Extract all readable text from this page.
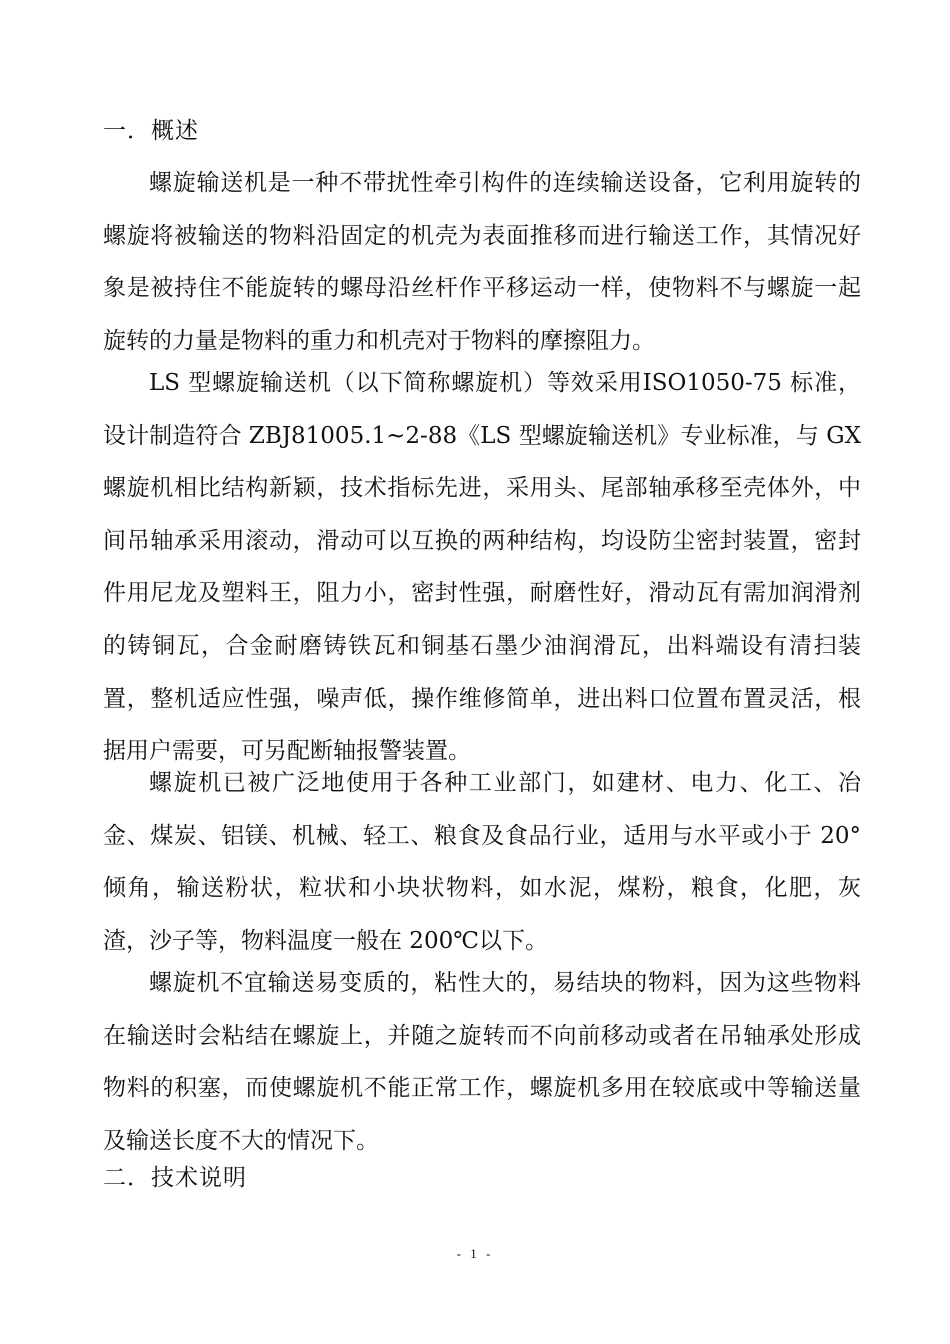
一．概述

螺旋输送机是一种不带扰性牵引构件的连续输送设备，它利用旋转的螺旋将被输送的物料沿固定的机壳为表面推移而进行输送工作，其情况好象是被持住不能旋转的螺母沿丝杆作平移运动一样，使物料不与螺旋一起旋转的力量是物料的重力和机壳对于物料的摩擦阻力。

LS 型螺旋输送机（以下简称螺旋机）等效采用ISO1050-75 标准，设计制造符合 ZBJ81005.1~2-88《LS 型螺旋输送机》专业标准，与 GX 螺旋机相比结构新颖，技术指标先进，采用头、尾部轴承移至壳体外，中间吊轴承采用滚动，滑动可以互换的两种结构，均设防尘密封装置，密封件用尼龙及塑料王，阻力小，密封性强，耐磨性好，滑动瓦有需加润滑剂的铸铜瓦，合金耐磨铸铁瓦和铜基石墨少油润滑瓦，出料端设有清扫装置，整机适应性强，噪声低，操作维修简单，进出料口位置布置灵活，根据用户需要，可另配断轴报警装置。

螺旋机已被广泛地使用于各种工业部门，如建材、电力、化工、冶金、煤炭、铝镁、机械、轻工、粮食及食品行业，适用与水平或小于 20° 倾角，输送粉状，粒状和小块状物料，如水泥，煤粉，粮食，化肥，灰渣，沙子等，物料温度一般在 200℃以下。

螺旋机不宜输送易变质的，粘性大的，易结块的物料，因为这些物料在输送时会粘结在螺旋上，并随之旋转而不向前移动或者在吊轴承处形成物料的积塞，而使螺旋机不能正常工作，螺旋机多用在较底或中等输送量及输送长度不大的情况下。

二．技术说明
- 1 -
